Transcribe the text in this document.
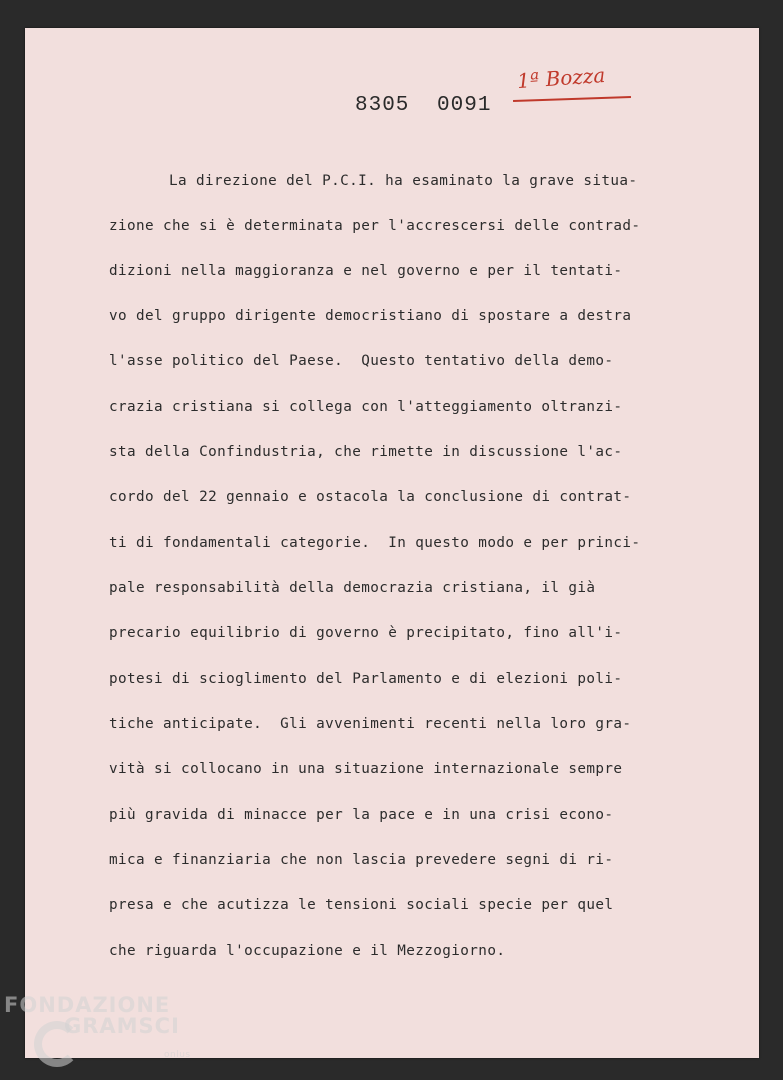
8305 0091
1ª Bozza
La direzione del P.C.I. ha esaminato la grave situa-
zione che si è determinata per l'accrescersi delle contrad-
dizioni nella maggioranza e nel governo e per il tentati-
vo del gruppo dirigente democristiano di spostare a destra
l'asse politico del Paese.  Questo tentativo della demo-
crazia cristiana si collega con l'atteggiamento oltranzi-
sta della Confindustria, che rimette in discussione l'ac-
cordo del 22 gennaio e ostacola la conclusione di contrat-
ti di fondamentali categorie.  In questo modo e per princi-
pale responsabilità della democrazia cristiana, il già
precario equilibrio di governo è precipitato, fino all'i-
potesi di scioglimento del Parlamento e di elezioni poli-
tiche anticipate.  Gli avvenimenti recenti nella loro gra-
vità si collocano in una situazione internazionale sempre
più gravida di minacce per la pace e in una crisi econo-
mica e finanziaria che non lascia prevedere segni di ri-
presa e che acutizza le tensioni sociali specie per quel
che riguarda l'occupazione e il Mezzogiorno.
FONDAZIONE
GRAMSCI
onlus
